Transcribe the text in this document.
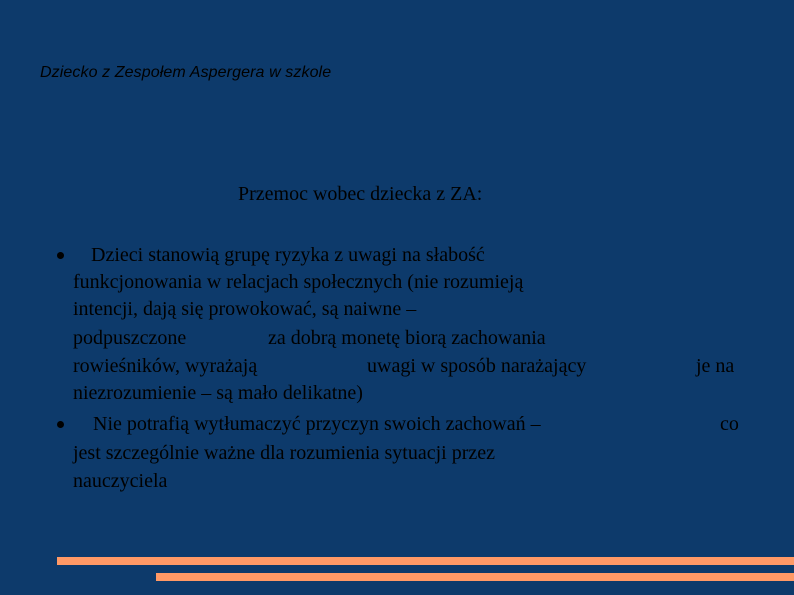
Dziecko z Zespołem Aspergera w szkole
Przemoc wobec dziecka z ZA:
Dzieci stanowią grupę ryzyka z uwagi na słabość
funkcjonowania w relacjach społecznych (nie rozumieją
intencji, dają się prowokować, są naiwne –
podpuszczone	za dobrą monetę biorą zachowania
rowieśników, wyrażają	uwagi w sposób narażający	je na
niezrozumienie – są mało delikatne)
Nie potrafią wytłumaczyć przyczyn swoich zachowań –	co
jest szczególnie ważne dla rozumienia sytuacji przez
nauczyciela
